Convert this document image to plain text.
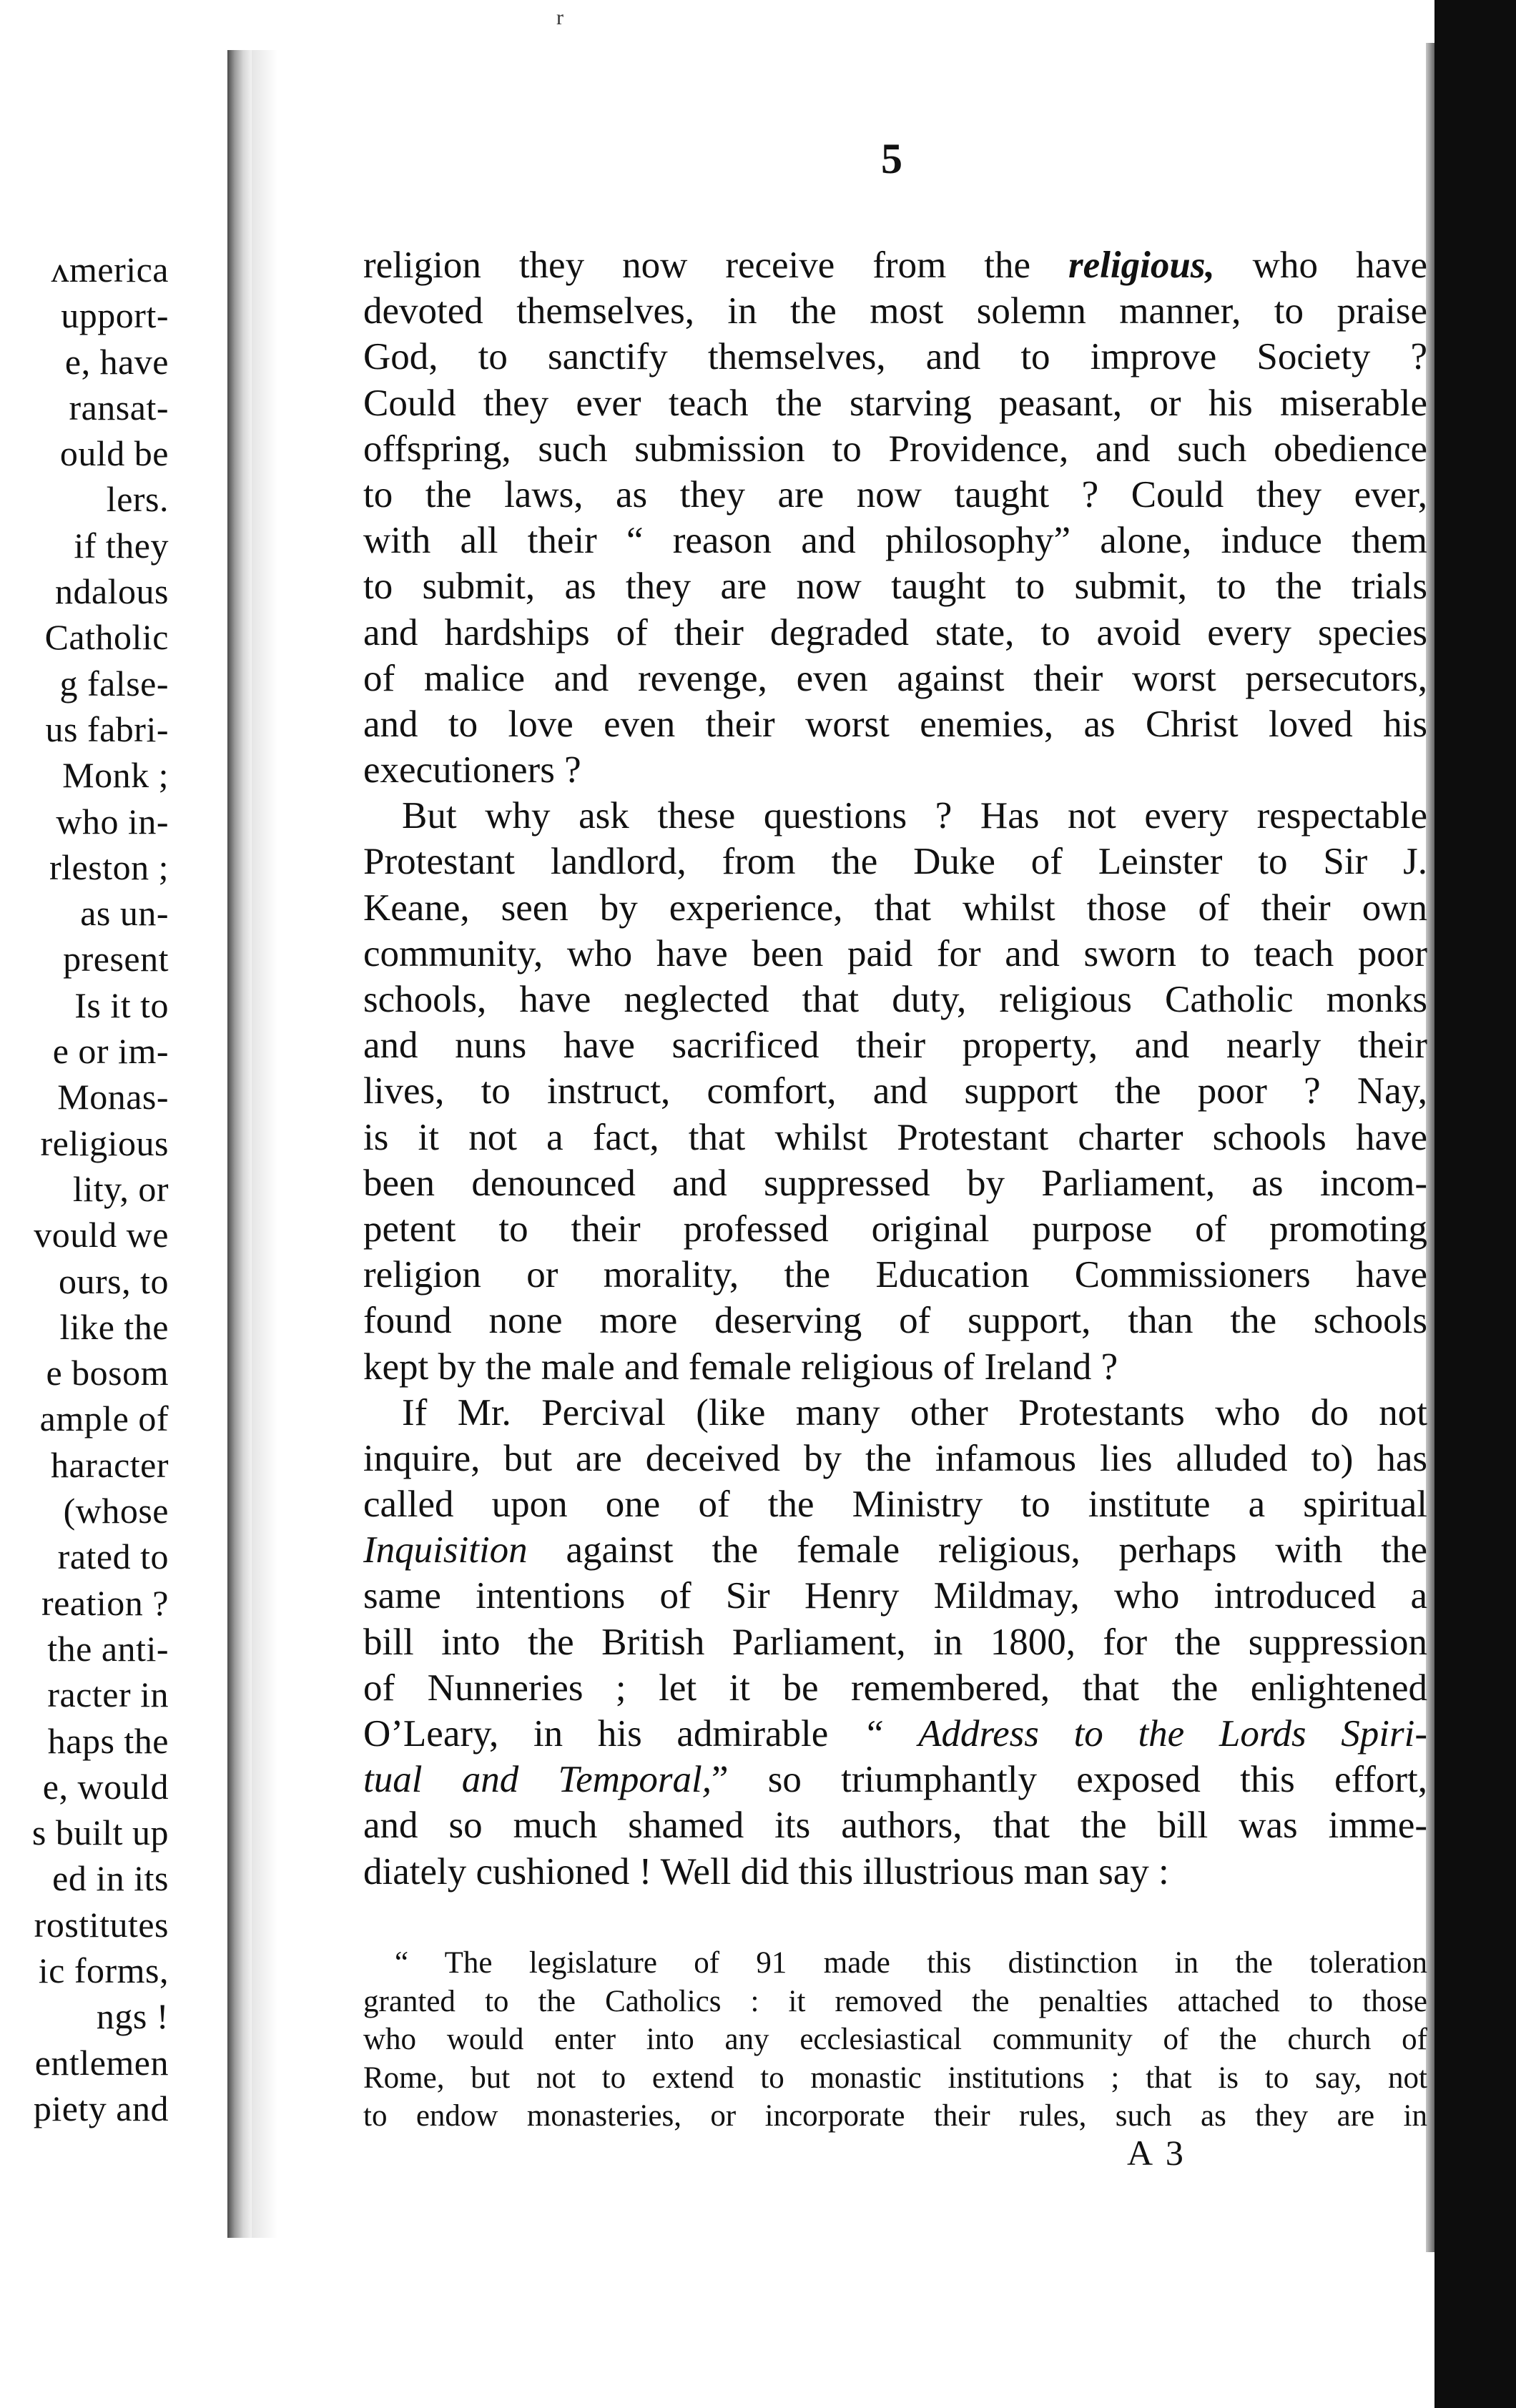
ʌmerica
upport-
e, have
ransat-
ould be
lers.
if they
ndalous
Catholic
g false-
us fabri-
Monk ;
who in-
rleston ;
as un-
present
Is it to
e or im-
Monas-
religious
lity, or
vould we
ours, to
like the
e bosom
ample of
haracter
(whose
rated to
reation ?
the anti-
racter in
haps the
e, would
s built up
ed in its
rostitutes
ic forms,
ngs !
entlemen
piety and
r
5
religion they now receive from the religious, who have
devoted themselves, in the most solemn manner, to praise
God, to sanctify themselves, and to improve Society ?
Could they ever teach the starving peasant, or his miserable
offspring, such submission to Providence, and such obedience
to the laws, as they are now taught ? Could they ever,
with all their “ reason and philosophy” alone, induce them
to submit, as they are now taught to submit, to the trials
and hardships of their degraded state, to avoid every species
of malice and revenge, even against their worst persecutors,
and to love even their worst enemies, as Christ loved his
executioners ?
But why ask these questions ? Has not every respectable
Protestant landlord, from the Duke of Leinster to Sir J.
Keane, seen by experience, that whilst those of their own
community, who have been paid for and sworn to teach poor
schools, have neglected that duty, religious Catholic monks
and nuns have sacrificed their property, and nearly their
lives, to instruct, comfort, and support the poor ? Nay,
is it not a fact, that whilst Protestant charter schools have
been denounced and suppressed by Parliament, as incom-
petent to their professed original purpose of promoting
religion or morality, the Education Commissioners have
found none more deserving of support, than the schools
kept by the male and female religious of Ireland ?
If Mr. Percival (like many other Protestants who do not
inquire, but are deceived by the infamous lies alluded to) has
called upon one of the Ministry to institute a spiritual
Inquisition against the female religious, perhaps with the
same intentions of Sir Henry Mildmay, who introduced a
bill into the British Parliament, in 1800, for the suppression
of Nunneries ; let it be remembered, that the enlightened
O’Leary, in his admirable “ Address to the Lords Spiri-
tual and Temporal,” so triumphantly exposed this effort,
and so much shamed its authors, that the bill was imme-
diately cushioned ! Well did this illustrious man say :
“ The legislature of 91 made this distinction in the toleration
granted to the Catholics : it removed the penalties attached to those
who would enter into any ecclesiastical community of the church of
Rome, but not to extend to monastic institutions ; that is to say, not
to endow monasteries, or incorporate their rules, such as they are in
A 3
